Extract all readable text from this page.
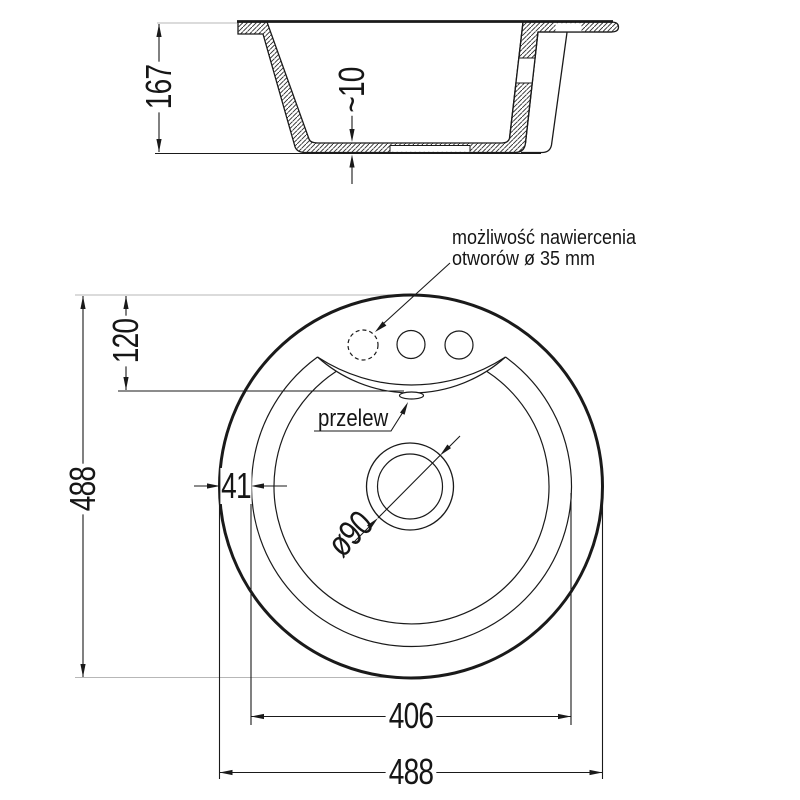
167	~10
możliwość nawiercenia
otworów ø 35 mm
120
488	41
przelew
ø90
406
488
